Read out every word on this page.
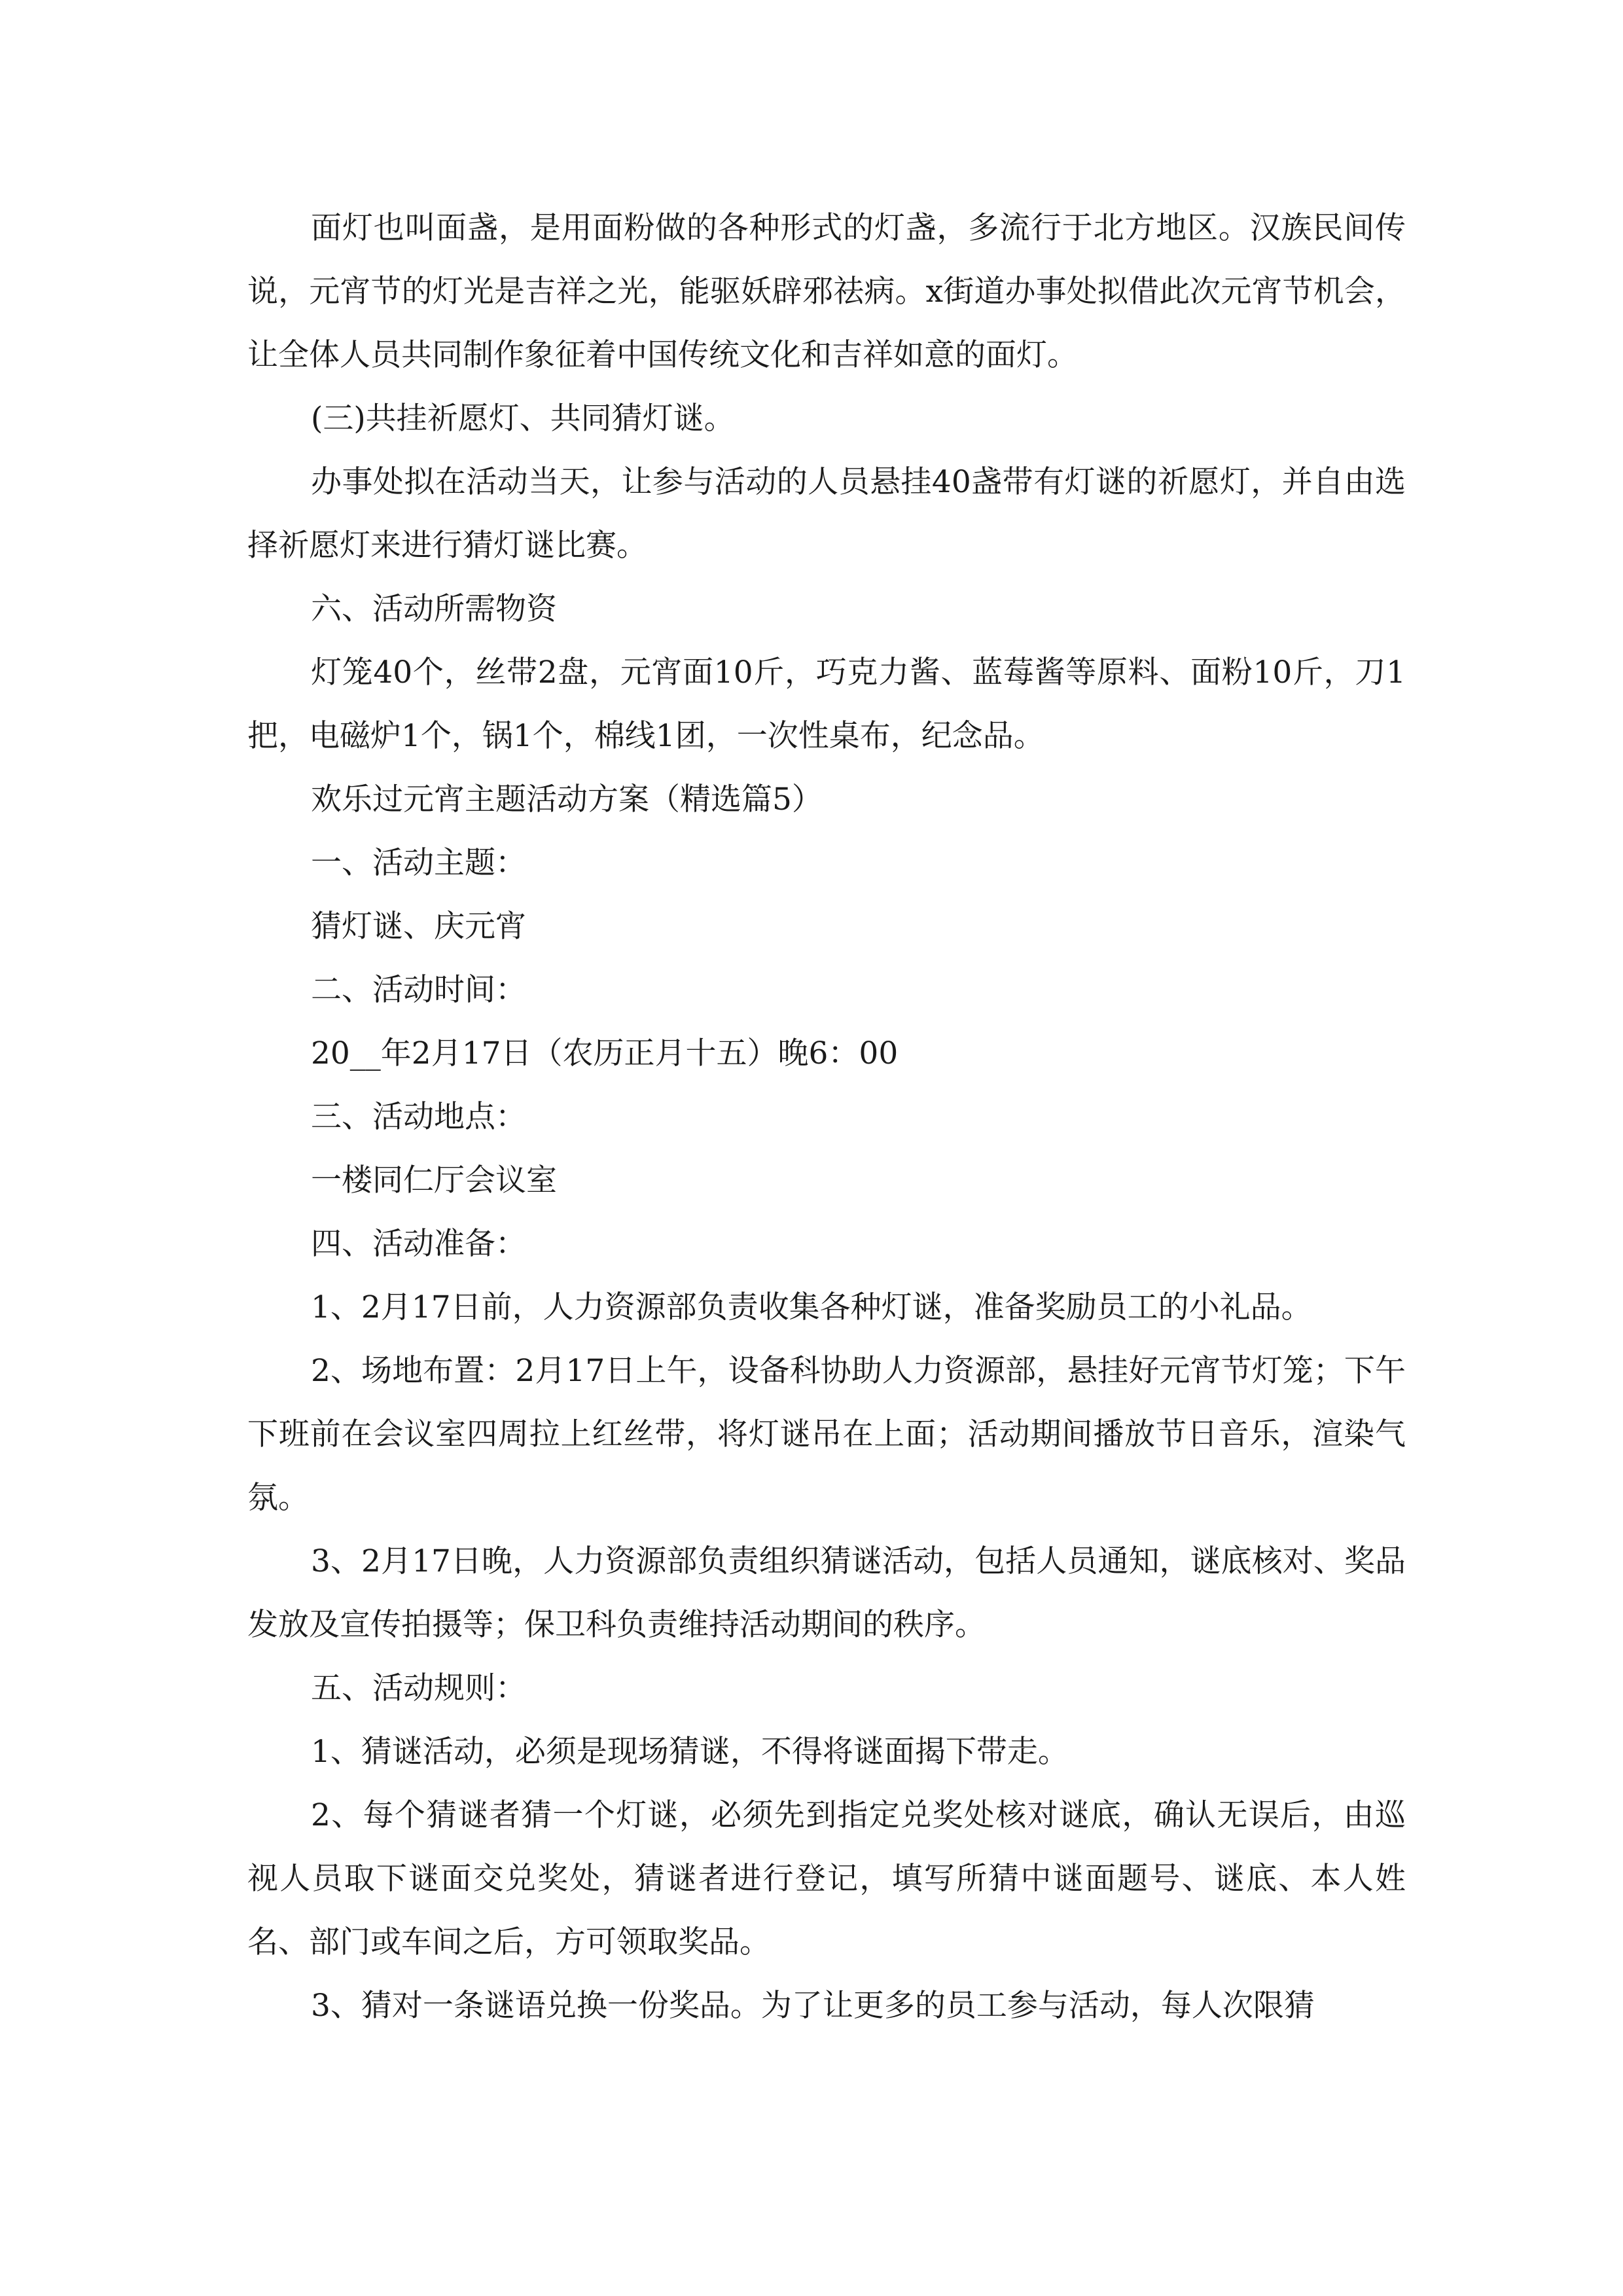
面灯也叫面盏，是用面粉做的各种形式的灯盏，多流行于北方地区。汉族民间传说，元宵节的灯光是吉祥之光，能驱妖辟邪祛病。x街道办事处拟借此次元宵节机会，让全体人员共同制作象征着中国传统文化和吉祥如意的面灯。

(三)共挂祈愿灯、共同猜灯谜。

办事处拟在活动当天，让参与活动的人员悬挂40盏带有灯谜的祈愿灯，并自由选择祈愿灯来进行猜灯谜比赛。

六、活动所需物资

灯笼40个，丝带2盘，元宵面10斤，巧克力酱、蓝莓酱等原料、面粉10斤，刀1把，电磁炉1个，锅1个，棉线1团，一次性桌布，纪念品。

欢乐过元宵主题活动方案（精选篇5）

一、活动主题：

猜灯谜、庆元宵

二、活动时间：

20__年2月17日（农历正月十五）晚6：00

三、活动地点：

一楼同仁厅会议室

四、活动准备：

1、2月17日前，人力资源部负责收集各种灯谜，准备奖励员工的小礼品。

2、场地布置：2月17日上午，设备科协助人力资源部，悬挂好元宵节灯笼；下午下班前在会议室四周拉上红丝带，将灯谜吊在上面；活动期间播放节日音乐，渲染气氛。

3、2月17日晚，人力资源部负责组织猜谜活动，包括人员通知，谜底核对、奖品发放及宣传拍摄等；保卫科负责维持活动期间的秩序。

五、活动规则：

1、猜谜活动，必须是现场猜谜，不得将谜面揭下带走。

2、每个猜谜者猜一个灯谜，必须先到指定兑奖处核对谜底，确认无误后，由巡视人员取下谜面交兑奖处，猜谜者进行登记，填写所猜中谜面题号、谜底、本人姓名、部门或车间之后，方可领取奖品。

3、猜对一条谜语兑换一份奖品。为了让更多的员工参与活动，每人次限猜
